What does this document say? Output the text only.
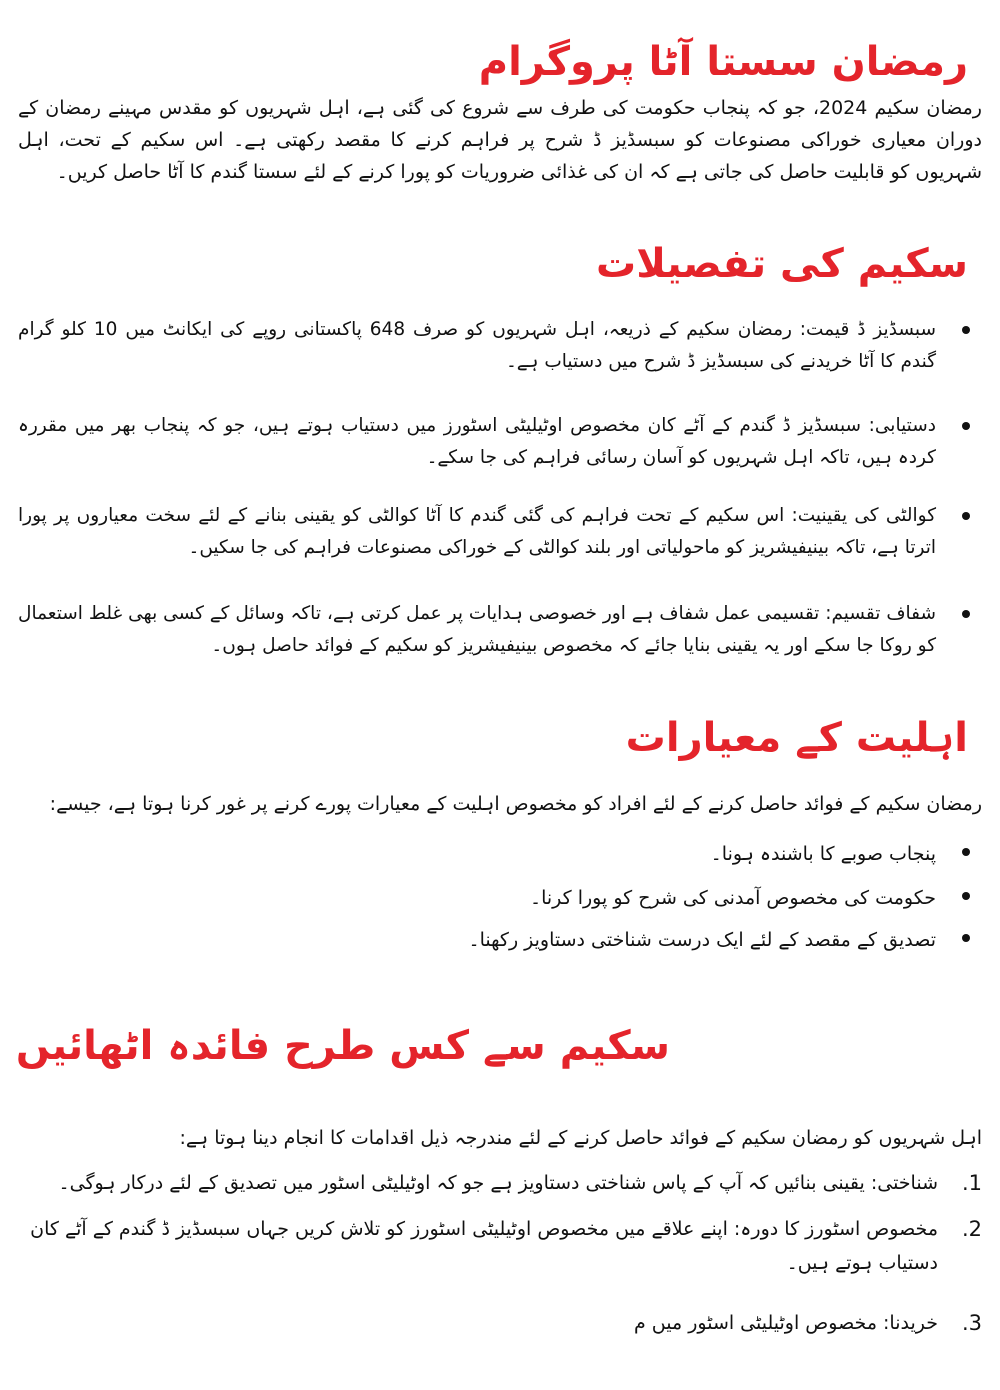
رمضان سستا آٹا پروگرام

رمضان سکیم 2024، جو کہ پنجاب حکومت کی طرف سے شروع کی گئی ہے، اہل شہریوں کو مقدس مہینے رمضان کے دوران معیاری خوراکی مصنوعات کو سبسڈیز ڈ شرح پر فراہم کرنے کا مقصد رکھتی ہے۔ اس سکیم کے تحت، اہل شہریوں کو قابلیت حاصل کی جاتی ہے کہ ان کی غذائی ضروریات کو پورا کرنے کے لئے سستا گندم کا آٹا حاصل کریں۔

سکیم کی تفصیلات
سبسڈیز ڈ قیمت: رمضان سکیم کے ذریعہ، اہل شہریوں کو صرف 648 پاکستانی روپے کی ایکانٹ میں 10 کلو گرام گندم کا آٹا خریدنے کی سبسڈیز ڈ شرح میں دستیاب ہے۔
دستیابی: سبسڈیز ڈ گندم کے آٹے کان مخصوص اوٹیلیٹی اسٹورز میں دستیاب ہوتے ہیں، جو کہ پنجاب بھر میں مقررہ کردہ ہیں، تاکہ اہل شہریوں کو آسان رسائی فراہم کی جا سکے۔
کوالٹی کی یقینیت: اس سکیم کے تحت فراہم کی گئی گندم کا آٹا کوالٹی کو یقینی بنانے کے لئے سخت معیاروں پر پورا اترتا ہے، تاکہ بینیفیشریز کو ماحولیاتی اور بلند کوالٹی کے خوراکی مصنوعات فراہم کی جا سکیں۔
شفاف تقسیم: تقسیمی عمل شفاف ہے اور خصوصی ہدایات پر عمل کرتی ہے، تاکہ وسائل کے کسی بھی غلط استعمال کو روکا جا سکے اور یہ یقینی بنایا جائے کہ مخصوص بینیفیشریز کو سکیم کے فوائد حاصل ہوں۔
اہلیت کے معیارات

رمضان سکیم کے فوائد حاصل کرنے کے لئے افراد کو مخصوص اہلیت کے معیارات پورے کرنے پر غور کرنا ہوتا ہے، جیسے:

پنجاب صوبے کا باشندہ ہونا۔
حکومت کی مخصوص آمدنی کی شرح کو پورا کرنا۔
تصدیق کے مقصد کے لئے ایک درست شناختی دستاویز رکھنا۔
سکیم سے کس طرح فائدہ اٹھائیں

اہل شہریوں کو رمضان سکیم کے فوائد حاصل کرنے کے لئے مندرجہ ذیل اقدامات کا انجام دینا ہوتا ہے:

1.
شناختی: یقینی بنائیں کہ آپ کے پاس شناختی دستاویز ہے جو کہ اوٹیلیٹی اسٹور میں تصدیق کے لئے درکار ہوگی۔
2.
مخصوص اسٹورز کا دورہ: اپنے علاقے میں مخصوص اوٹیلیٹی اسٹورز کو تلاش کریں جہاں سبسڈیز ڈ گندم کے آٹے کان دستیاب ہوتے ہیں۔
3.
خریدنا: مخصوص اوٹیلیٹی اسٹور میں م
